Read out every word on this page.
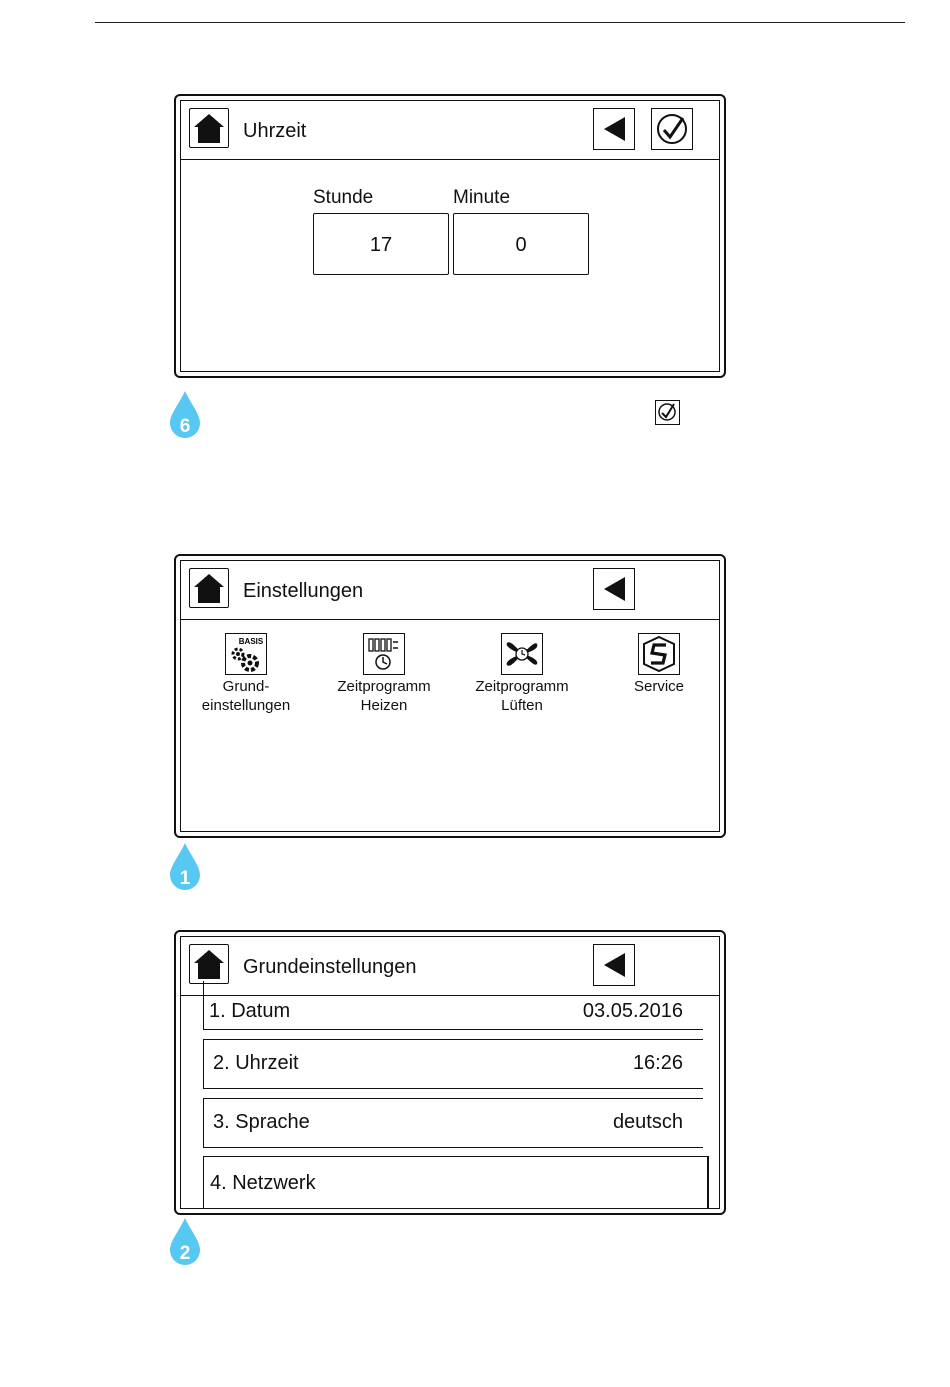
Uhrzeit
Stunde	Minute
17	0
6
Einstellungen
BASIS
Grund-
einstellungen
Zeitprogramm
Heizen
Zeitprogramm
Lüften
Service
1
Grundeinstellungen
1. Datum	03.05.2016
2. Uhrzeit	16:26
3. Sprache	deutsch
4. Netzwerk
2
